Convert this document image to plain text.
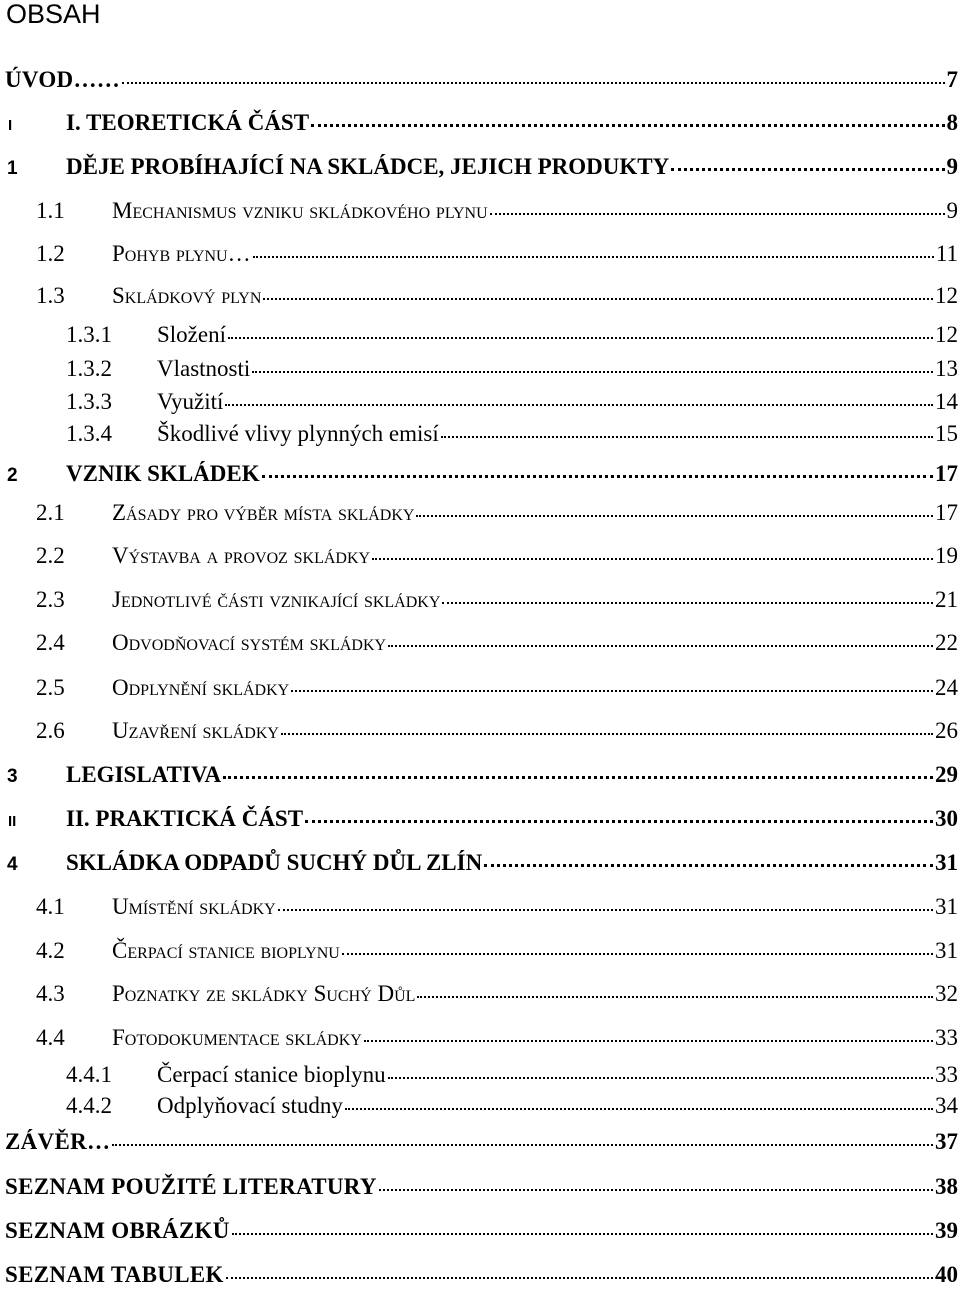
OBSAH
ÚVOD……	7
I	I. TEORETICKÁ ČÁST	8
1	DĚJE PROBÍHAJÍCÍ NA SKLÁDCE, JEJICH PRODUKTY	9
1.1	Mechanismus vzniku skládkového plynu	9
1.2	Pohyb plynu…	11
1.3	Skládkový plyn	12
1.3.1	Složení	12
1.3.2	Vlastnosti	13
1.3.3	Využití	14
1.3.4	Škodlivé vlivy plynných emisí	15
2	VZNIK SKLÁDEK	17
2.1	Zásady pro výběr místa skládky	17
2.2	Výstavba a provoz skládky	19
2.3	Jednotlivé části vznikající skládky	21
2.4	Odvodňovací systém skládky	22
2.5	Odplynění skládky	24
2.6	Uzavření skládky	26
3	LEGISLATIVA	29
II	II. PRAKTICKÁ ČÁST	30
4	SKLÁDKA ODPADŮ SUCHÝ DŮL ZLÍN	31
4.1	Umístění skládky	31
4.2	Čerpací stanice bioplynu	31
4.3	Poznatky ze skládky Suchý Důl	32
4.4	Fotodokumentace skládky	33
4.4.1	Čerpací stanice bioplynu	33
4.4.2	Odplyňovací studny	34
ZÁVĚR…	37
SEZNAM POUŽITÉ LITERATURY	38
SEZNAM OBRÁZKŮ	39
SEZNAM TABULEK	40
